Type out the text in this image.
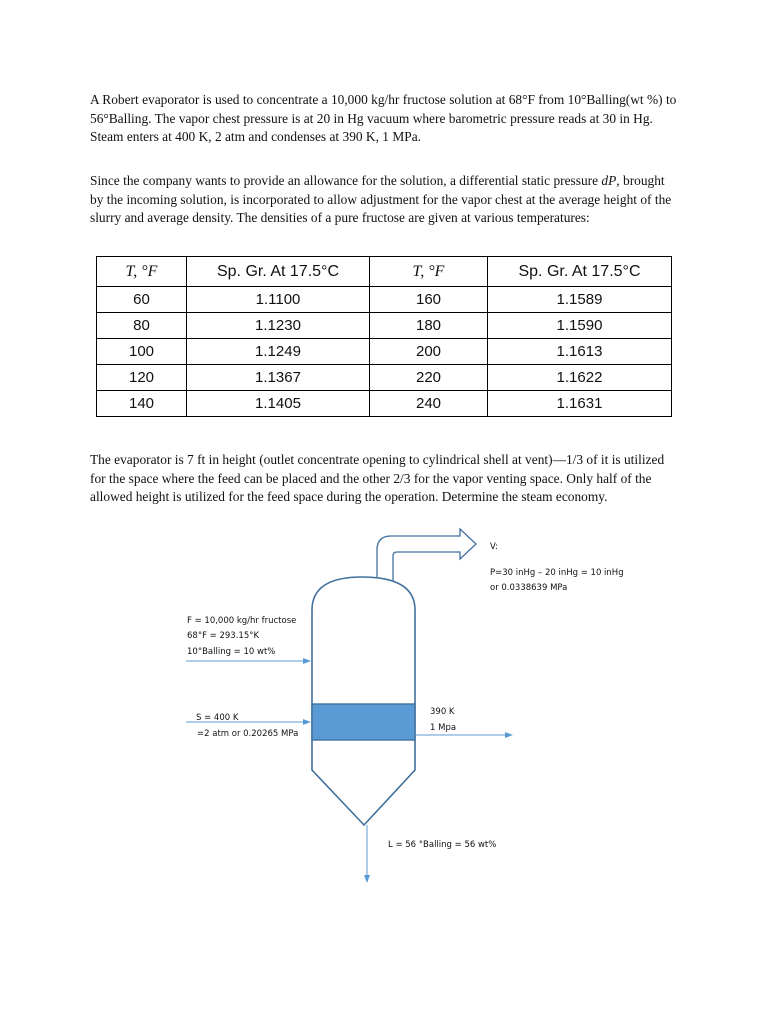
A Robert evaporator is used to concentrate a 10,000 kg/hr fructose solution at 68°F from 10°Balling(wt %) to 56°Balling. The vapor chest pressure is at 20 in Hg vacuum where barometric pressure reads at 30 in Hg. Steam enters at 400 K, 2 atm and condenses at 390 K, 1 MPa.

Since the company wants to provide an allowance for the solution, a differential static pressure dP, brought by the incoming solution, is incorporated to allow adjustment for the vapor chest at the average height of the slurry and average density. The densities of a pure fructose are given at various temperatures:

T, °F	Sp. Gr. At 17.5°C	T, °F	Sp. Gr. At 17.5°C
60	1.1100	160	1.1589
80	1.1230	180	1.1590
100	1.1249	200	1.1613
120	1.1367	220	1.1622
140	1.1405	240	1.1631

The evaporator is 7 ft in height (outlet concentrate opening to cylindrical shell at vent)—1/3 of it is utilized for the space where the feed can be placed and the other 2/3 for the vapor venting space. Only half of the allowed height is utilized for the feed space during the operation. Determine the steam economy.

V:
P=30 inHg – 20 inHg = 10 inHg
or 0.0338639 MPa
F = 10,000 kg/hr fructose
68°F = 293.15°K
10°Balling = 10 wt%
S = 400 K
=2 atm or 0.20265 MPa
390 K
1 Mpa
L = 56 °Balling = 56 wt%
